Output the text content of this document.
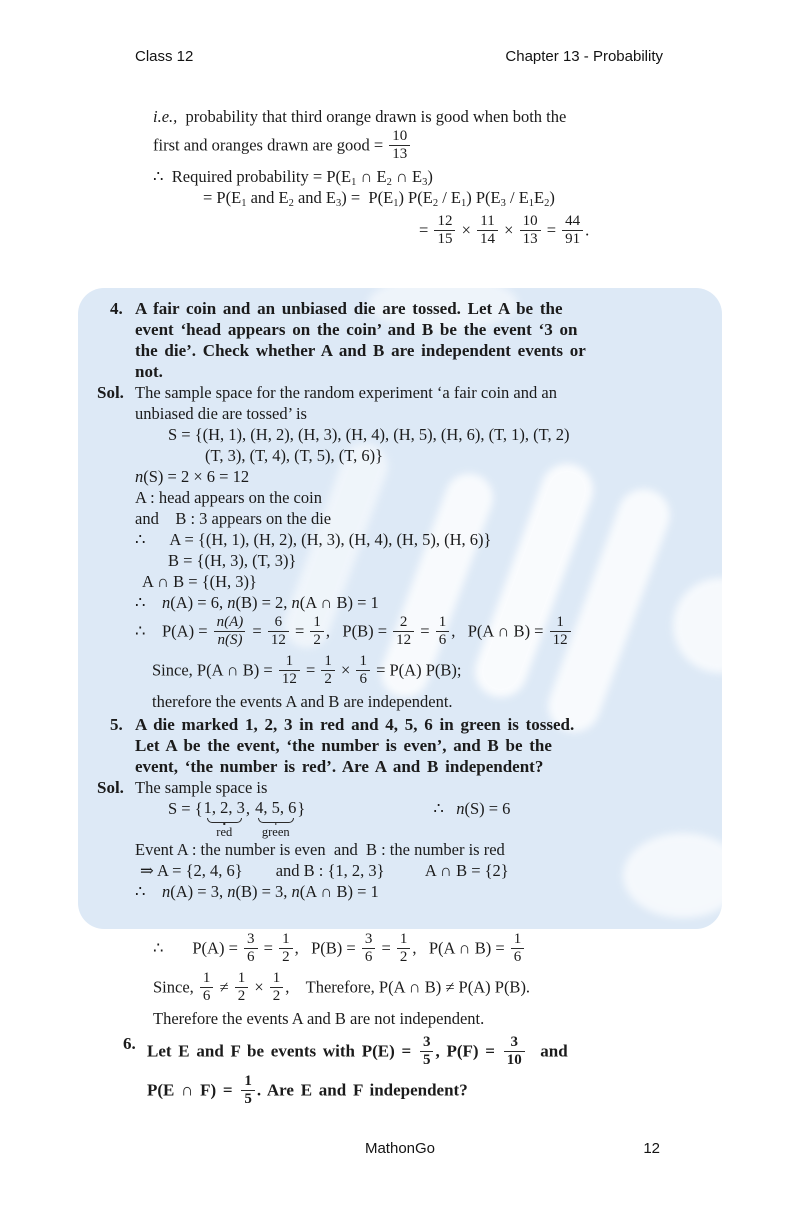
Class 12	Chapter 13 - Probability
i.e.,  probability that third orange drawn is good when both the
first and oranges drawn are good = $\frac{10}{13}$
∴  Required probability = $P(E_1$ ∩ $E_2$ ∩ $E_3$)
= $P(E_1$ and $E_2$ and $E_3) = P(E_1)$ $P(E_2 / E_1)$ $P(E_3 / E_1E_2)$
= $\frac{12}{15} \times \frac{11}{14} \times \frac{10}{13} = \frac{44}{91}$ .
4. A fair coin and an unbiased die are tossed. Let A be the
event ‘head appears on the coin’ and B be the event ‘3 on
the die’. Check whether A and B are independent events or
not.
Sol. The sample space for the random experiment ‘a fair coin and an
unbiased die are tossed’ is
S = {(H, 1), (H, 2), (H, 3), (H, 4), (H, 5), (H, 6), (T, 1), (T, 2)
(T, 3), (T, 4), (T, 5), (T, 6)}
n(S) = 2 × 6 = 12
A : head appears on the coin
and    B : 3 appears on the die
∴      A = {(H, 1), (H, 2), (H, 3), (H, 4), (H, 5), (H, 6)}
B = {(H, 3), (T, 3)}
A ∩ B = {(H, 3)}
∴    n(A) = 6, n(B) = 2, n(A ∩ B) = 1
∴    $P(A) = \frac{n(A)}{n(S)} = \frac{6}{12} = \frac{1}{2}$ ,   $P(B) = \frac{2}{12} = \frac{1}{6}$ ,   P(A ∩ $B) = \frac{1}{12}$
Since, P(A ∩ $B) = \frac{1}{12} = \frac{1}{2} \times \frac{1}{6} = P(A)$ P(B);
therefore the events A and B are independent.
5. A die marked 1, 2, 3 in red and 4, 5, 6 in green is tossed.
Let A be the event, ‘the number is even’, and B be the
event, ‘the number is red’. Are A and B independent?
Sol. The sample space is
S = { 1, 2, 3
red
, 4, 5, 6
green
}	∴   n(S) = 6
Event A : the number is even  and  B : the number is red
⇒ A = {2, 4, 6}        and B : {1, 2, 3}          A ∩ B = {2}
∴    n(A) = 3, n(B) = 3, n(A ∩ B) = 1
∴       $P(A) = \frac{3}{6} = \frac{1}{2}$ ,   $P(B) = \frac{3}{6} = \frac{1}{2}$ ,   P(A ∩ $B) = \frac{1}{6}$
Since, $\frac{1}{6} \ne \frac{1}{2} \times \frac{1}{2}$ ,    Therefore, P(A ∩ B) ≠ P(A) P(B).
Therefore the events A and B are not independent.
6. Let E and F be events with $P(E) = \frac{3}{5}$ , $P(F) = \frac{3}{10}$ and
P(E ∩ $F) = \frac{1}{5}$ . Are E and F independent?
MathonGo	12
